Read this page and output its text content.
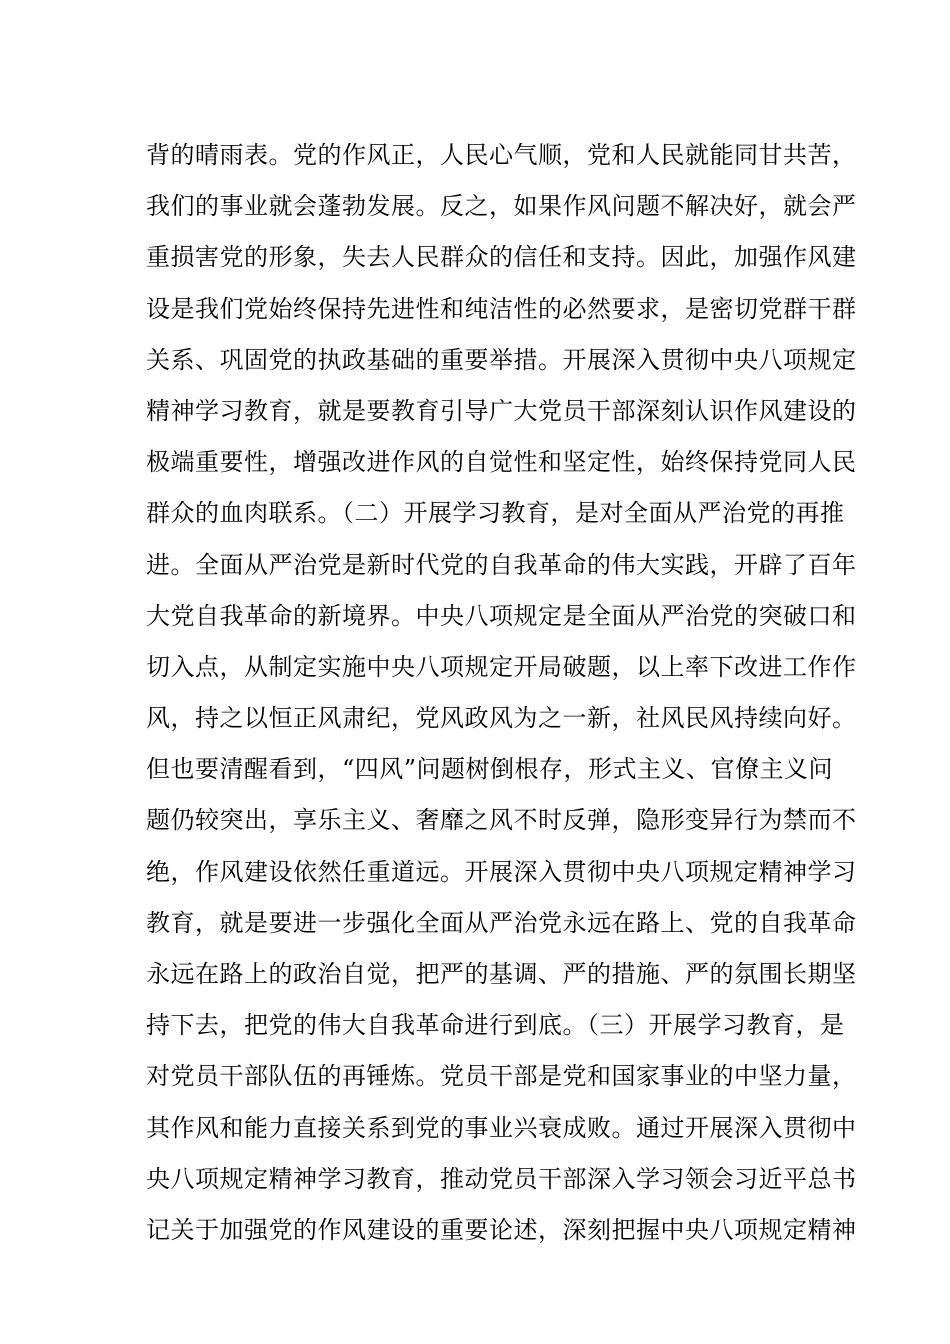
背的晴雨表。党的作风正，人民心气顺，党和人民就能同甘共苦，
我们的事业就会蓬勃发展。反之，如果作风问题不解决好，就会严
重损害党的形象，失去人民群众的信任和支持。因此，加强作风建
设是我们党始终保持先进性和纯洁性的必然要求，是密切党群干群
关系、巩固党的执政基础的重要举措。开展深入贯彻中央八项规定
精神学习教育，就是要教育引导广大党员干部深刻认识作风建设的
极端重要性，增强改进作风的自觉性和坚定性，始终保持党同人民
群众的血肉联系。（二）开展学习教育，是对全面从严治党的再推
进。全面从严治党是新时代党的自我革命的伟大实践，开辟了百年
大党自我革命的新境界。中央八项规定是全面从严治党的突破口和
切入点，从制定实施中央八项规定开局破题，以上率下改进工作作
风，持之以恒正风肃纪，党风政风为之一新，社风民风持续向好。
但也要清醒看到，“四风”问题树倒根存，形式主义、官僚主义问
题仍较突出，享乐主义、奢靡之风不时反弹，隐形变异行为禁而不
绝，作风建设依然任重道远。开展深入贯彻中央八项规定精神学习
教育，就是要进一步强化全面从严治党永远在路上、党的自我革命
永远在路上的政治自觉，把严的基调、严的措施、严的氛围长期坚
持下去，把党的伟大自我革命进行到底。（三）开展学习教育，是
对党员干部队伍的再锤炼。党员干部是党和国家事业的中坚力量，
其作风和能力直接关系到党的事业兴衰成败。通过开展深入贯彻中
央八项规定精神学习教育，推动党员干部深入学习领会习近平总书
记关于加强党的作风建设的重要论述，深刻把握中央八项规定精神
